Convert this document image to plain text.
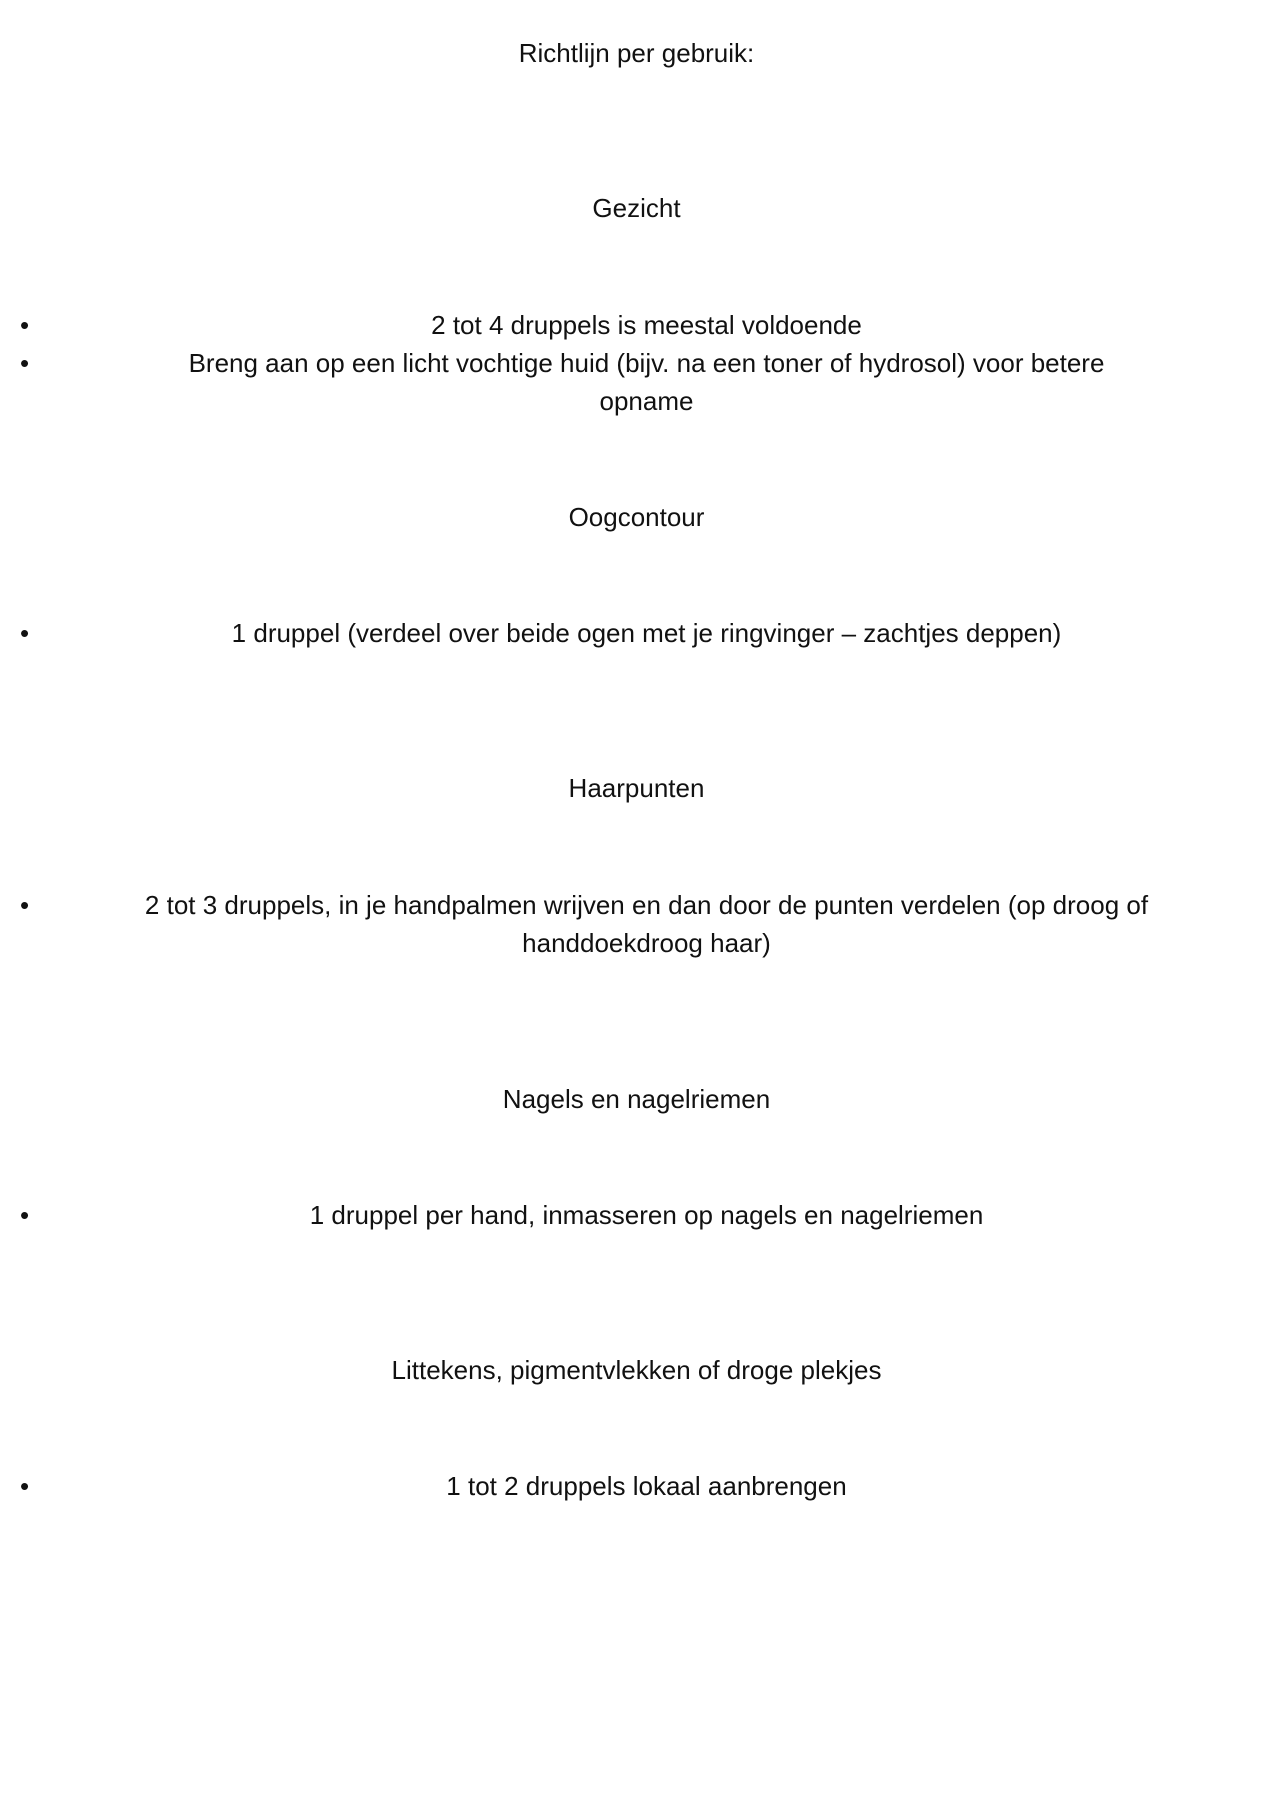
Richtlijn per gebruik:

Gezicht

•	2 tot 4 druppels is meestal voldoende
•	Breng aan op een licht vochtige huid (bijv. na een toner of hydrosol) voor betere opname

Oogcontour

•	1 druppel (verdeel over beide ogen met je ringvinger – zachtjes deppen)

Haarpunten

•	2 tot 3 druppels, in je handpalmen wrijven en dan door de punten verdelen (op droog of handdoekdroog haar)

Nagels en nagelriemen

•	1 druppel per hand, inmasseren op nagels en nagelriemen

Littekens, pigmentvlekken of droge plekjes

•	1 tot 2 druppels lokaal aanbrengen
